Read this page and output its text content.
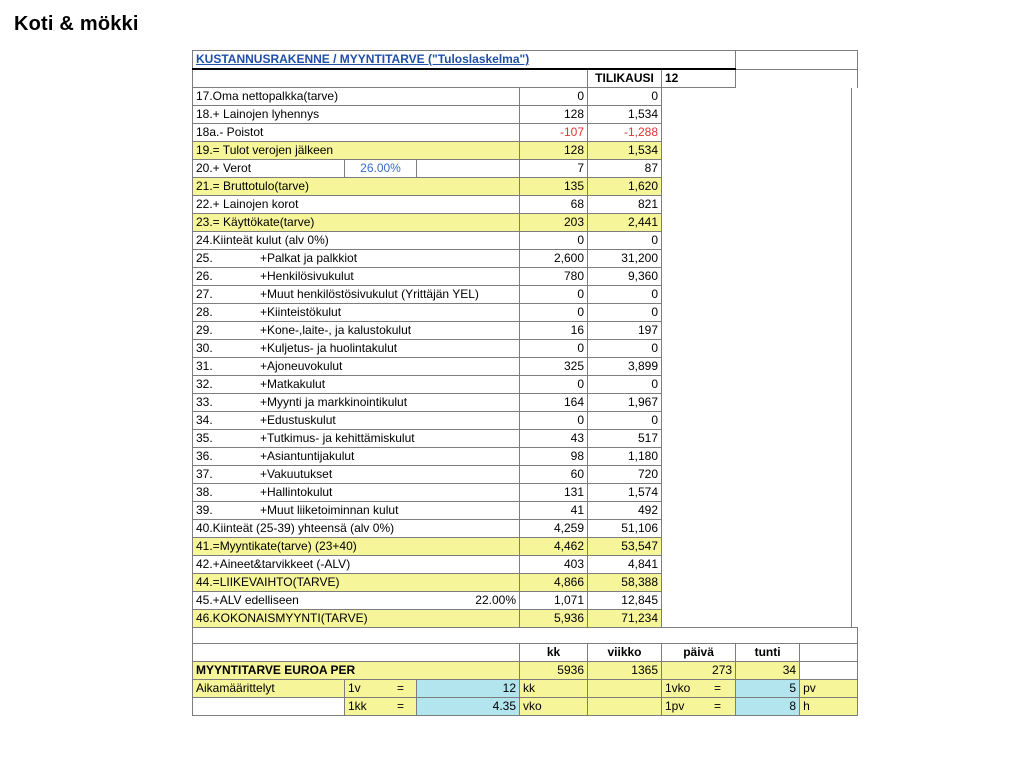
Koti & mökki
KUSTANNUSRAKENNE / MYYNTITARVE ("Tuloslaskelma")								
				TILIKAUSI	12			
17.Oma nettopalkka(tarve)			0	0				
18.+ Lainojen lyhennys			128	1,534				
18a.- Poistot			-107	-1,288				
19.= Tulot verojen jälkeen			128	1,534				
20.+ Verot	26.00%		7	87				
21.= Bruttotulo(tarve)			135	1,620				
22.+ Lainojen korot			68	821				
23.= Käyttökate(tarve)			203	2,441				
24.Kiinteät kulut (alv 0%)			0	0				
25. +Palkat ja palkkiot			2,600	31,200				
26. +Henkilösivukulut			780	9,360				
27. +Muut henkilöstösivukulut (Yrittäjän YEL)			0	0				
28. +Kiinteistökulut			0	0				
29. +Kone-,laite-, ja kalustokulut			16	197				
30. +Kuljetus- ja huolintakulut			0	0				
31. +Ajoneuvokulut			325	3,899				
32. +Matkakulut			0	0				
33. +Myynti ja markkinointikulut			164	1,967				
34. +Edustuskulut			0	0				
35. +Tutkimus- ja kehittämiskulut			43	517				
36. +Asiantuntijakulut			98	1,180				
37. +Vakuutukset			60	720				
38. +Hallintokulut			131	1,574				
39. +Muut liiketoiminnan kulut			41	492				
40.Kiinteät (25-39) yhteensä (alv 0%)			4,259	51,106				
41.=Myyntikate(tarve) (23+40)			4,462	53,547				
42.+Aineet&tarvikkeet (-ALV)			403	4,841				
44.=LIIKEVAIHTO(TARVE)			4,866	58,388				
45.+ALV edelliseen		22.00%	1,071	12,845				
46.KOKONAISMYYNTI(TARVE)			5,936	71,234				

			kk	viikko	päivä	tunti		
MYYNTITARVE EUROA PER			5936	1365	273	34		
Aikamäärittelyt	1v =	12	kk		1vko =	5	pv	
	1kk =	4.35	vko		1pv =	8	h	
